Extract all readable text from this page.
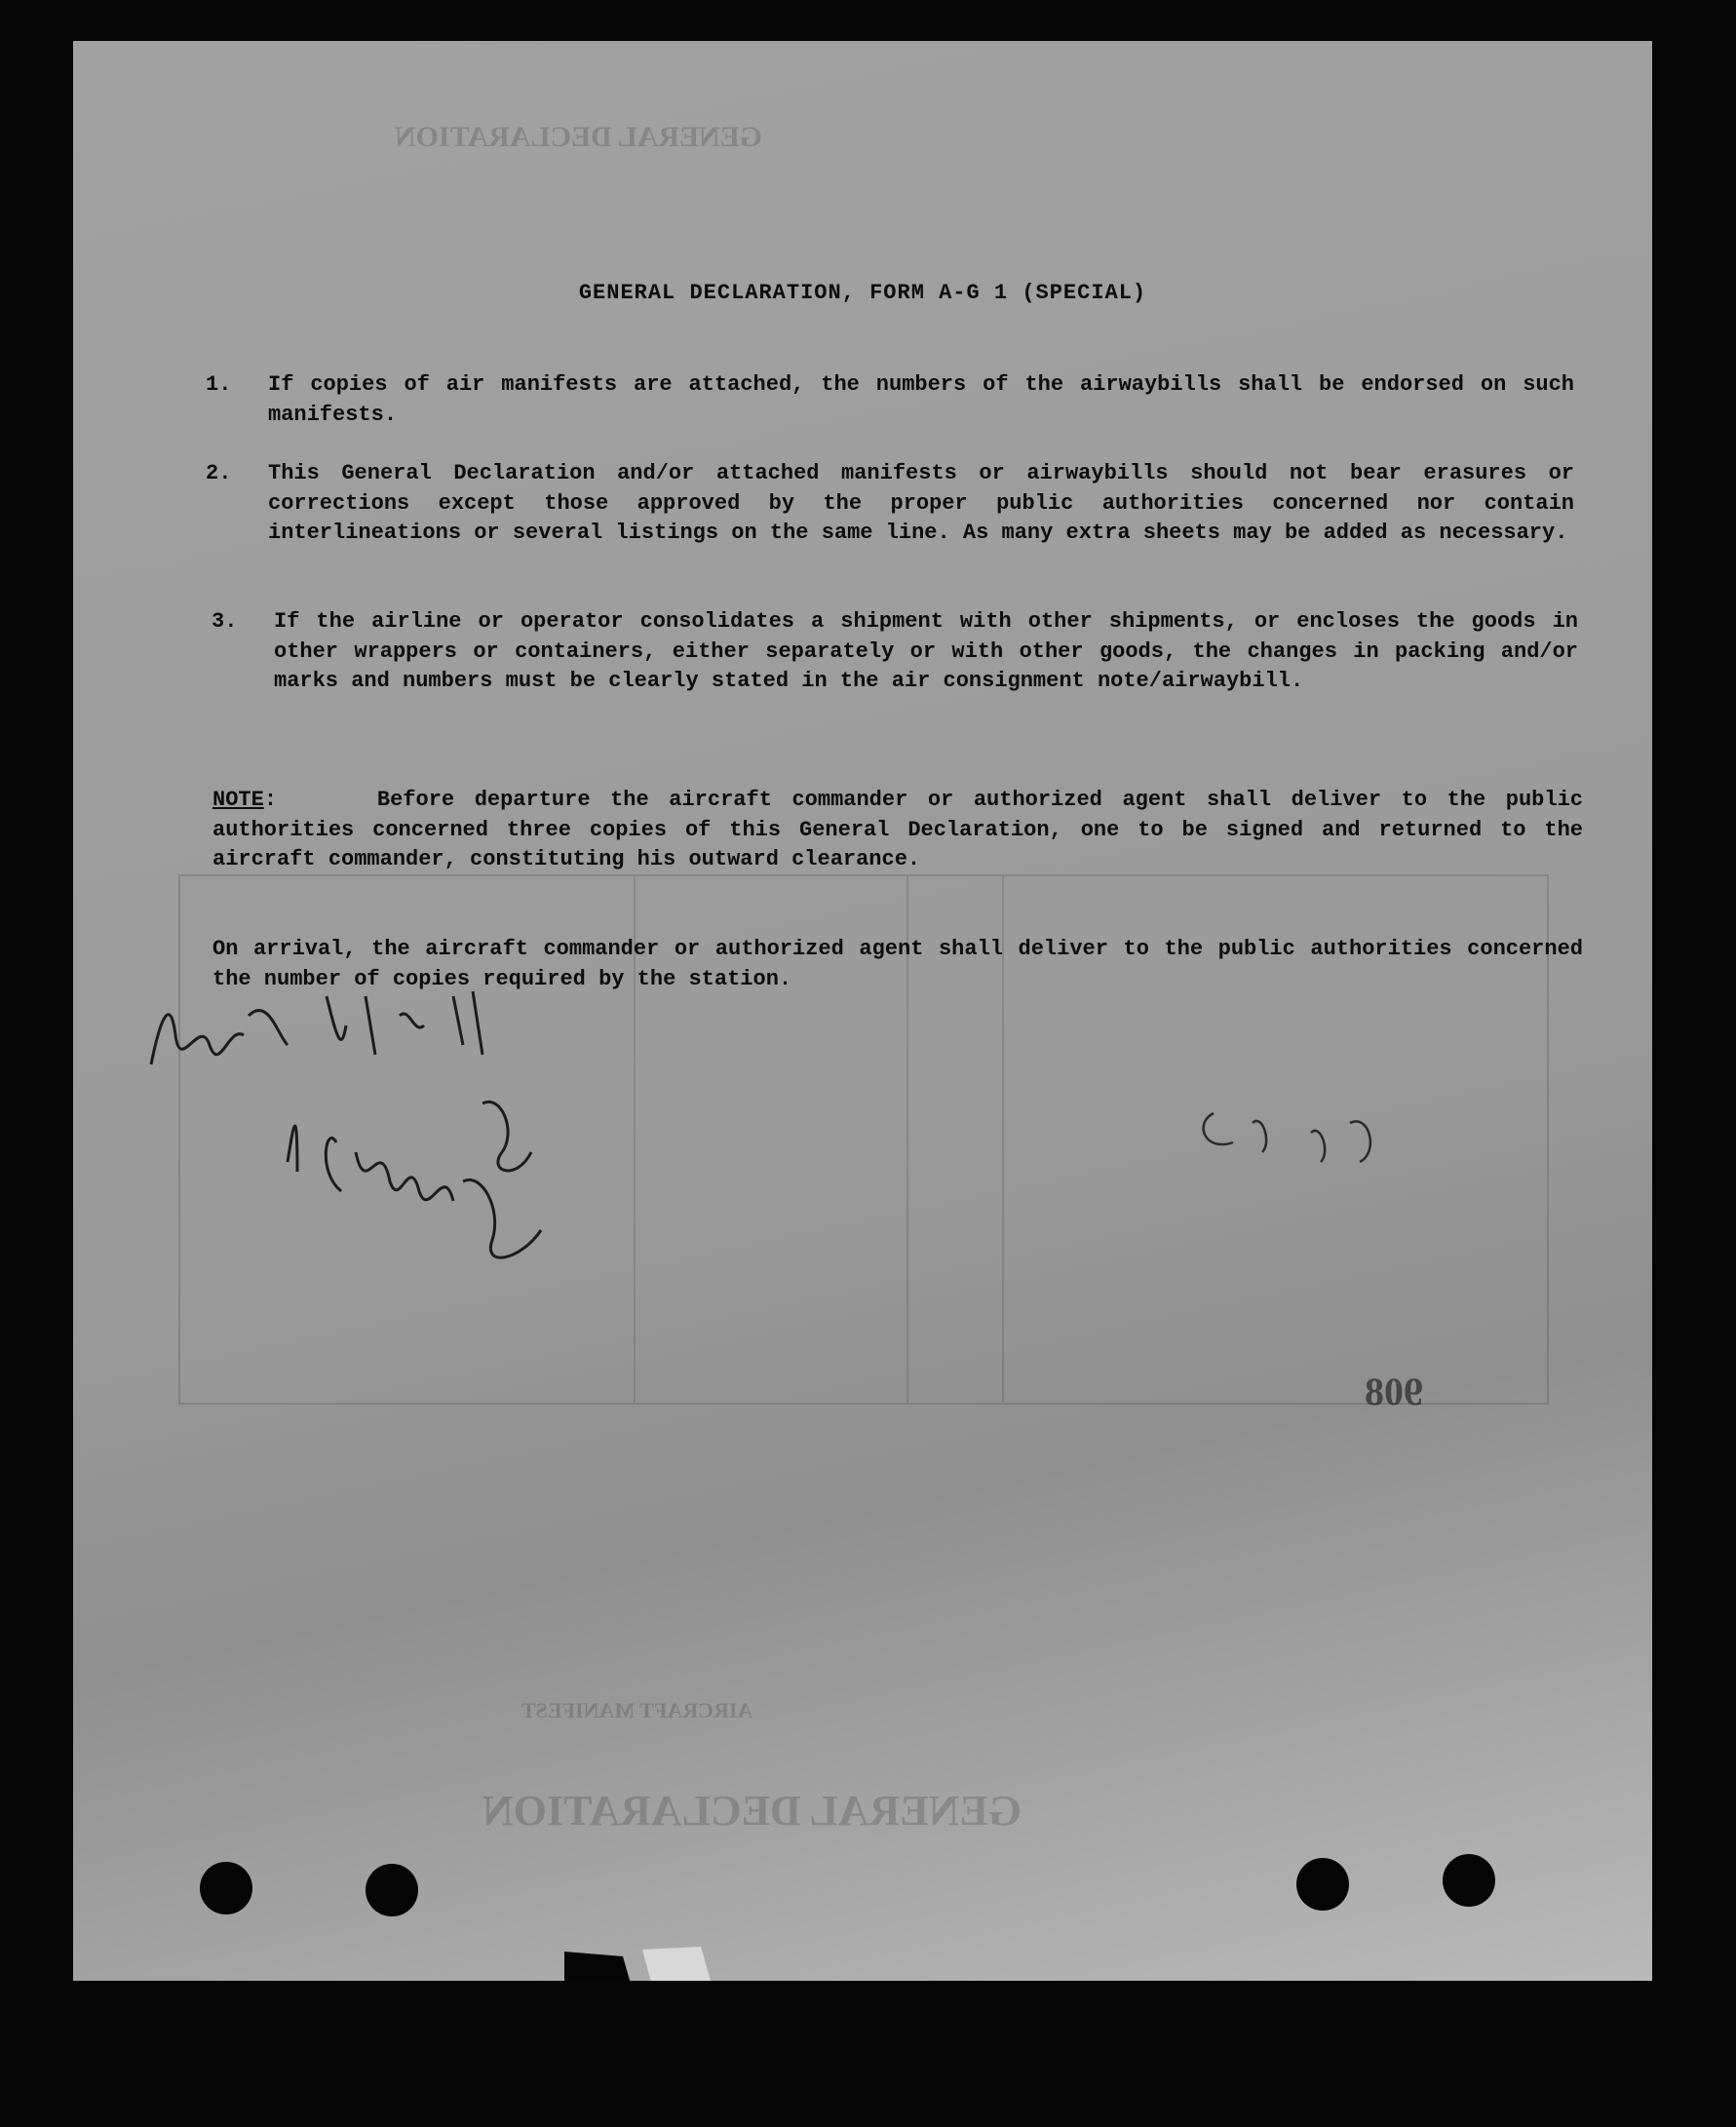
GENERAL DECLARATION
GENERAL DECLARATION
AIRCRAFT MANIFEST
GENERAL DECLARATION, FORM A-G 1 (SPECIAL)
1. If copies of air manifests are attached, the numbers of the airwaybills shall be endorsed on such manifests.
2. This General Declaration and/or attached manifests or airwaybills should not bear erasures or corrections except those approved by the proper public authorities concerned nor contain interlineations or several listings on the same line. As many extra sheets may be added as necessary.
3. If the airline or operator consolidates a shipment with other shipments, or encloses the goods in other wrappers or containers, either separately or with other goods, the changes in packing and/or marks and numbers must be clearly stated in the air consignment note/airwaybill.
NOTE:     Before departure the aircraft commander or authorized agent shall deliver to the public authorities concerned three copies of this General Declaration, one to be signed and returned to the aircraft commander, constituting his outward clearance.
On arrival, the aircraft commander or authorized agent shall deliver to the public authorities concerned the number of copies required by the station.
908
